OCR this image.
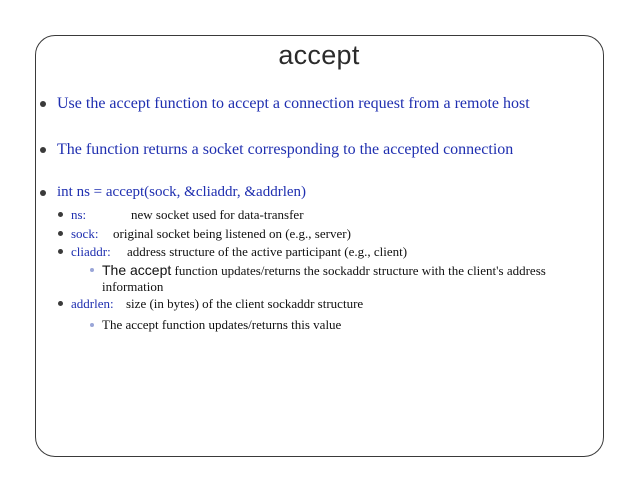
accept
Use the accept function to accept a connection request from a remote host
The function returns a socket corresponding to the accepted connection
int ns = accept(sock, &cliaddr, &addrlen)
ns:	new socket used for data-transfer
sock:	original socket being listened on (e.g., server)
cliaddr:	address structure of the active participant (e.g., client)
The accept function updates/returns the sockaddr structure with the client's address information
addrlen: size (in bytes) of the client sockaddr structure
The accept function updates/returns this value
